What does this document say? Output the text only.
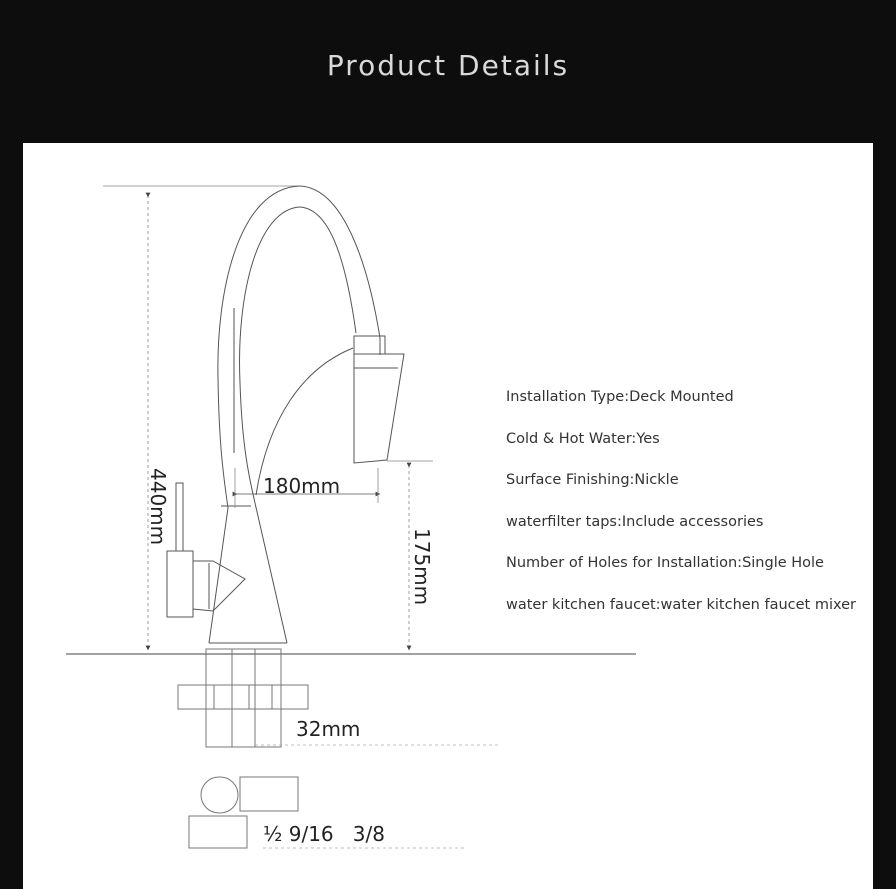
Product Details
440mm	180mm
175mm
32mm
½ 9/16   3/8
Installation Type:Deck Mounted
Cold & Hot Water:Yes
Surface Finishing:Nickle
waterfilter taps:Include accessories
Number of Holes for Installation:Single Hole
water kitchen faucet:water kitchen faucet mixer
